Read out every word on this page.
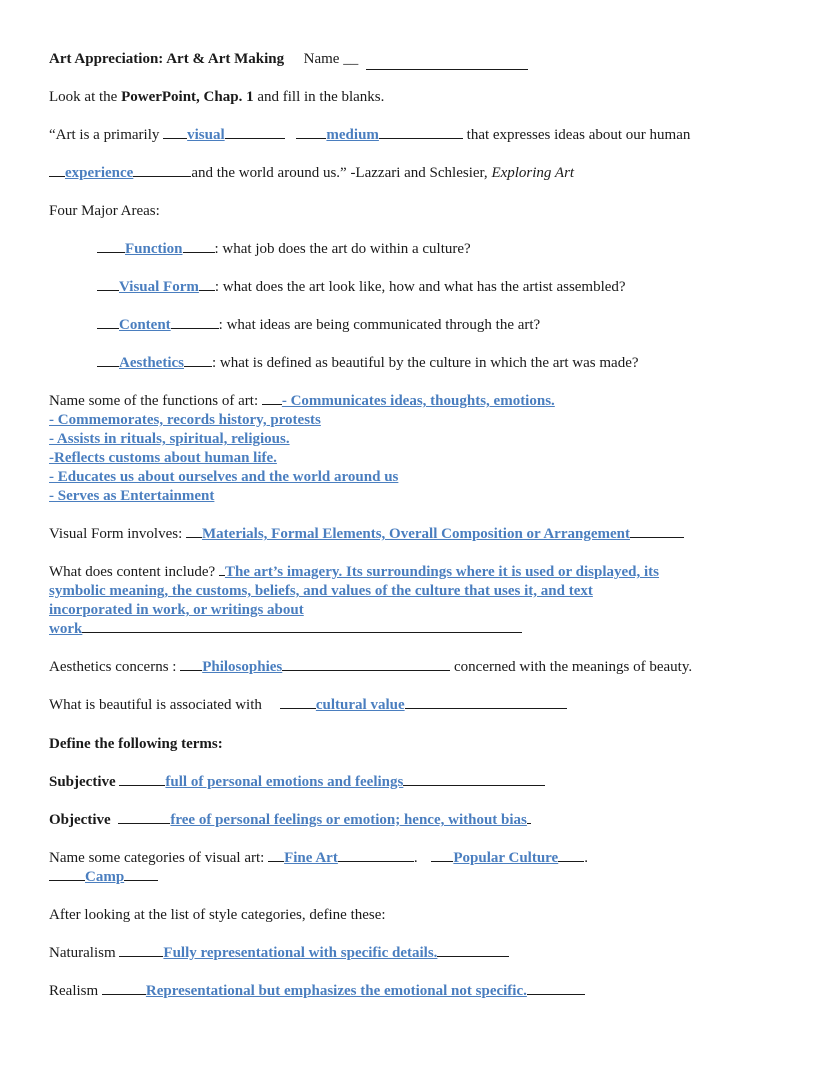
Art Appreciation: Art & Art Making Name __
Look at the PowerPoint, Chap. 1 and fill in the blanks.
“Art is a primarily visual	medium	that expresses ideas about our human
experience	and the world around us.” -Lazzari and Schlesier, Exploring Art
Four Major Areas:
Function : what job does the art do within a culture?
Visual Form : what does the art look like, how and what has the artist assembled?
Content	: what ideas are being communicated through the art?
Aesthetics : what is defined as beautiful by the culture in which the art was made?
Name some of the functions of art: - Communicates ideas, thoughts, emotions.
- Commemorates, records history, protests
- Assists in rituals, spiritual, religious.
-Reflects customs about human life.
- Educates us about ourselves and the world around us
- Serves as Entertainment
Visual Form involves: Materials, Formal Elements, Overall Composition or Arrangement
What does content include? The art’s imagery. Its surroundings where it is used or displayed, its
symbolic meaning, the customs, beliefs, and values of the culture that uses it, and text
incorporated in work, or writings about
work
Aesthetics concerns : Philosophies	concerned with the meanings of beauty.
What is beautiful is associated with	cultural value
Define the following terms:
Subjective	full of personal emotions and feelings
Objective	free of personal feelings or emotion; hence, without bias
Name some categories of visual art: Fine Art	. Popular Culture .
Camp
After looking at the list of style categories, define these:
Naturalism	Fully representational with specific details.
Realism	Representational but emphasizes the emotional not specific.
